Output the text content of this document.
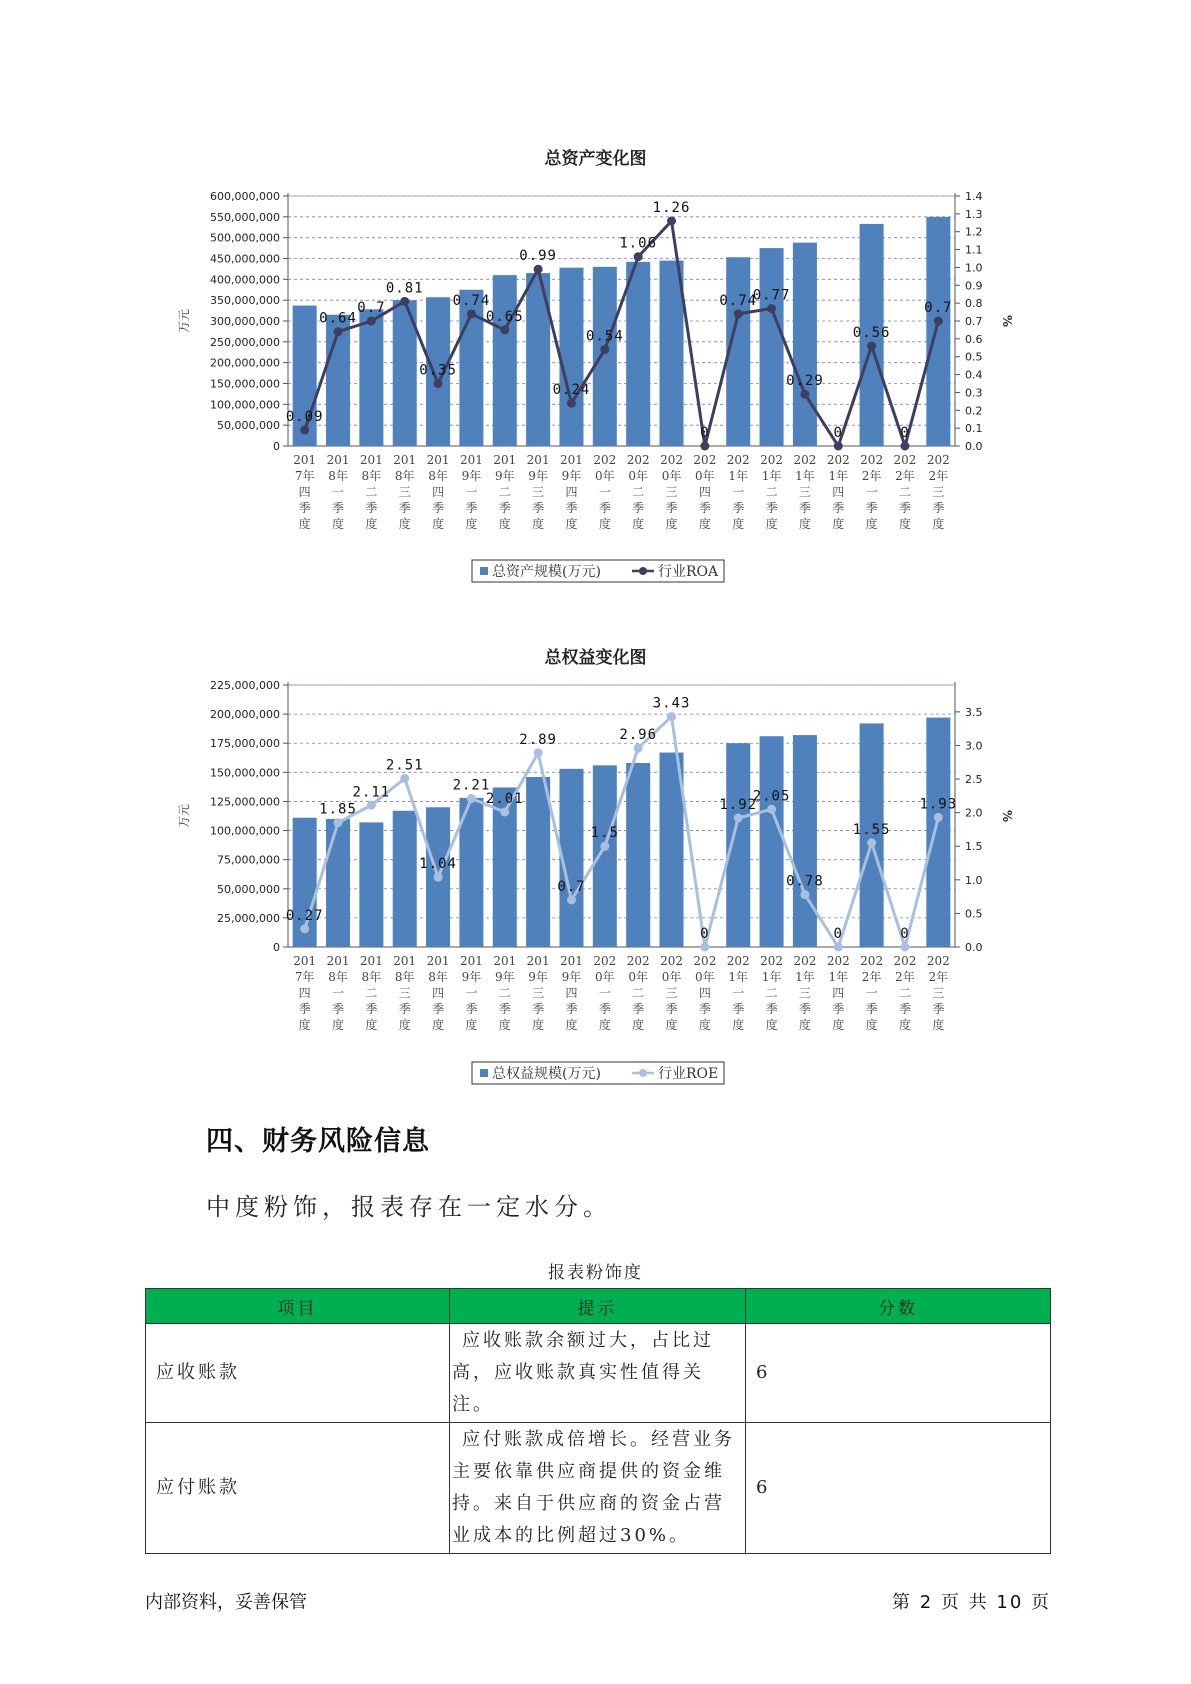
总资产变化图
0
50,000,000
100,000,000
150,000,000
200,000,000
250,000,000
300,000,000
350,000,000
400,000,000
450,000,000
500,000,000
550,000,000
600,000,000
0.0
0.1
0.2
0.3
0.4
0.5
0.6
0.7
0.8
0.9
1.0
1.1
1.2
1.3
1.4
万元	%
0.09
0.64
0.7
0.81
0.35
0.74
0.65
0.99
0.24
0.54
1.06
1.26
0
0.74
0.77
0.29
0
0.56
0
0.7
201 7年四季度
201 8年一季度
201 8年二季度
201 8年三季度
201 8年四季度
201 9年一季度
201 9年二季度
201 9年三季度
201 9年四季度
202 0年一季度
202 0年二季度
202 0年三季度
202 0年四季度
202 1年一季度
202 1年二季度
202 1年三季度
202 1年四季度
202 2年一季度
202 2年二季度
202 2年三季度
总资产规模(万元)	行业ROA
总权益变化图
0
25,000,000
50,000,000
75,000,000
100,000,000
125,000,000
150,000,000
175,000,000
200,000,000
225,000,000
0.0
0.5
1.0
1.5
2.0
2.5
3.0
3.5
万元	%
0.27
1.85
2.11
2.51
1.04
2.21
2.01
2.89
0.7
1.5
2.96
3.43
0
1.92
2.05
0.78
0
1.55
0
1.93
201 7年四季度
201 8年一季度
201 8年二季度
201 8年三季度
201 8年四季度
201 9年一季度
201 9年二季度
201 9年三季度
201 9年四季度
202 0年一季度
202 0年二季度
202 0年三季度
202 0年四季度
202 1年一季度
202 1年二季度
202 1年三季度
202 1年四季度
202 2年一季度
202 2年二季度
202 2年三季度
总权益规模(万元)	行业ROE
四、财务风险信息
中度粉饰，报表存在一定水分。
报表粉饰度
项目	提示	分数
应收账款	应收账款余额过大，占比过高，应收账款真实性值得关注。	6
应付账款	应付账款成倍增长。经营业务主要依靠供应商提供的资金维持。来自于供应商的资金占营业成本的比例超过30%。	6
内部资料，妥善保管	第 2 页 共 10 页
